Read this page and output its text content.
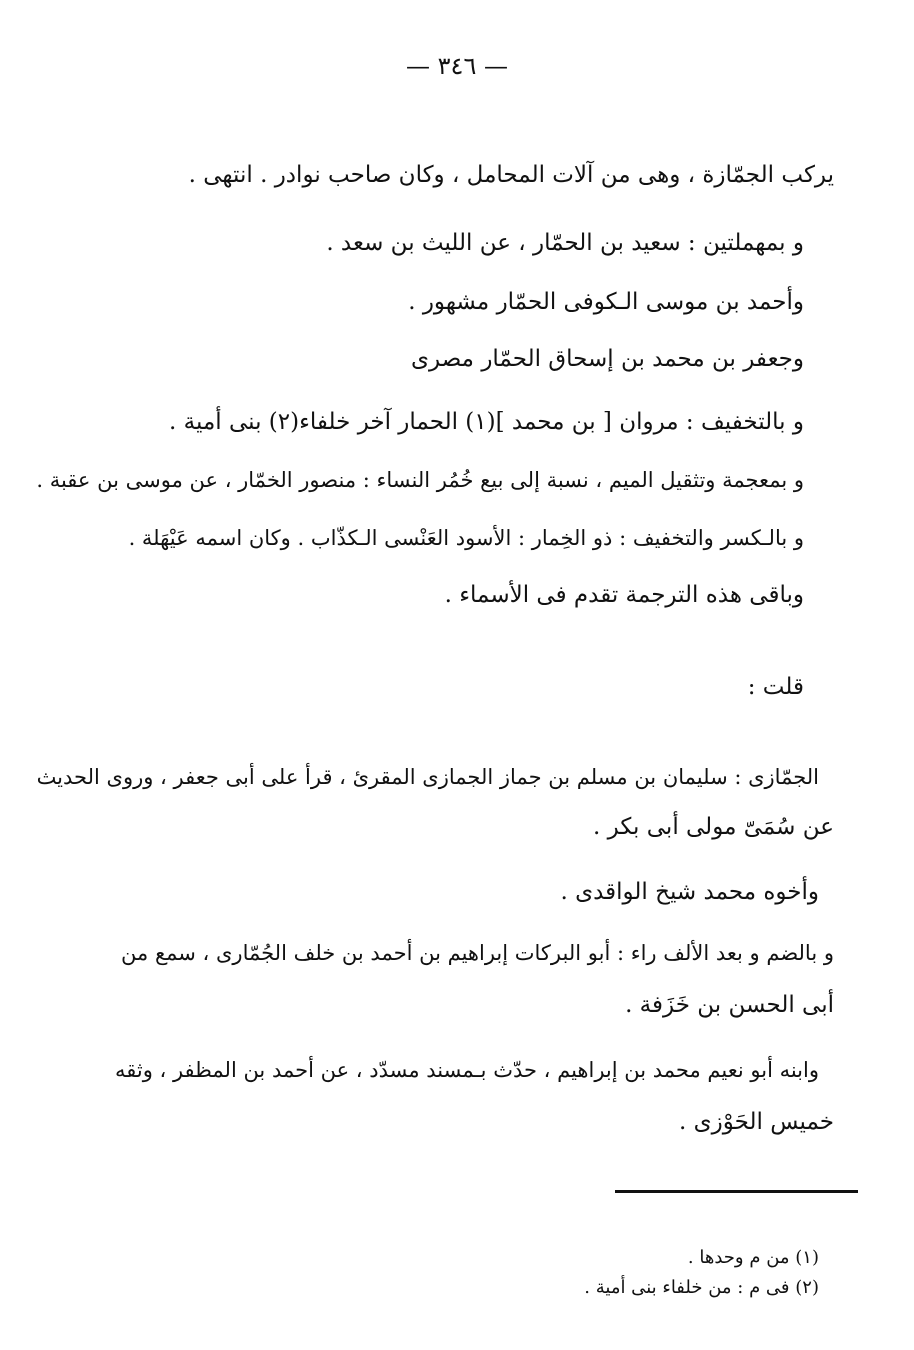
— ٣٤٦ —
يركب الجمّازة ، وهى من آلات المحامل ، وكان صاحب نوادر . انتهى .
و بمهملتين : سعيد بن الحمّار ، عن الليث بن سعد .
وأحمد بن موسى الـكوفى الحمّار مشهور .
وجعفر بن محمد بن إسحاق الحمّار مصرى
و بالتخفيف : مروان [ بن محمد ](١) الحمار آخر خلفاء(٢) بنى أمية .
و بمعجمة وتثقيل الميم ، نسبة إلى بيع خُمُر النساء : منصور الخمّار ، عن موسى بن عقبة .
و بالـكسر والتخفيف : ذو الخِمار : الأسود العَنْسى الـكذّاب . وكان اسمه عَيْهَلة .
وباقى هذه الترجمة تقدم فى الأسماء .
قلت :
الجمّازى : سليمان بن مسلم بن جماز الجمازى المقرئ ، قرأ على أبى جعفر ، وروى الحديث
عن سُمَىّ مولى أبى بكر .
وأخوه محمد شيخ الواقدى .
و بالضم و بعد الألف راء : أبو البركات إبراهيم بن أحمد بن خلف الجُمّارى ، سمع من
أبى الحسن بن خَزَفة .
وابنه أبو نعيم محمد بن إبراهيم ، حدّث بـمسند مسدّد ، عن أحمد بن المظفر ، وثقه
خميس الحَوْزى .
(١) من م وحدها .
(٢) فى م : من خلفاء بنى أمية .
